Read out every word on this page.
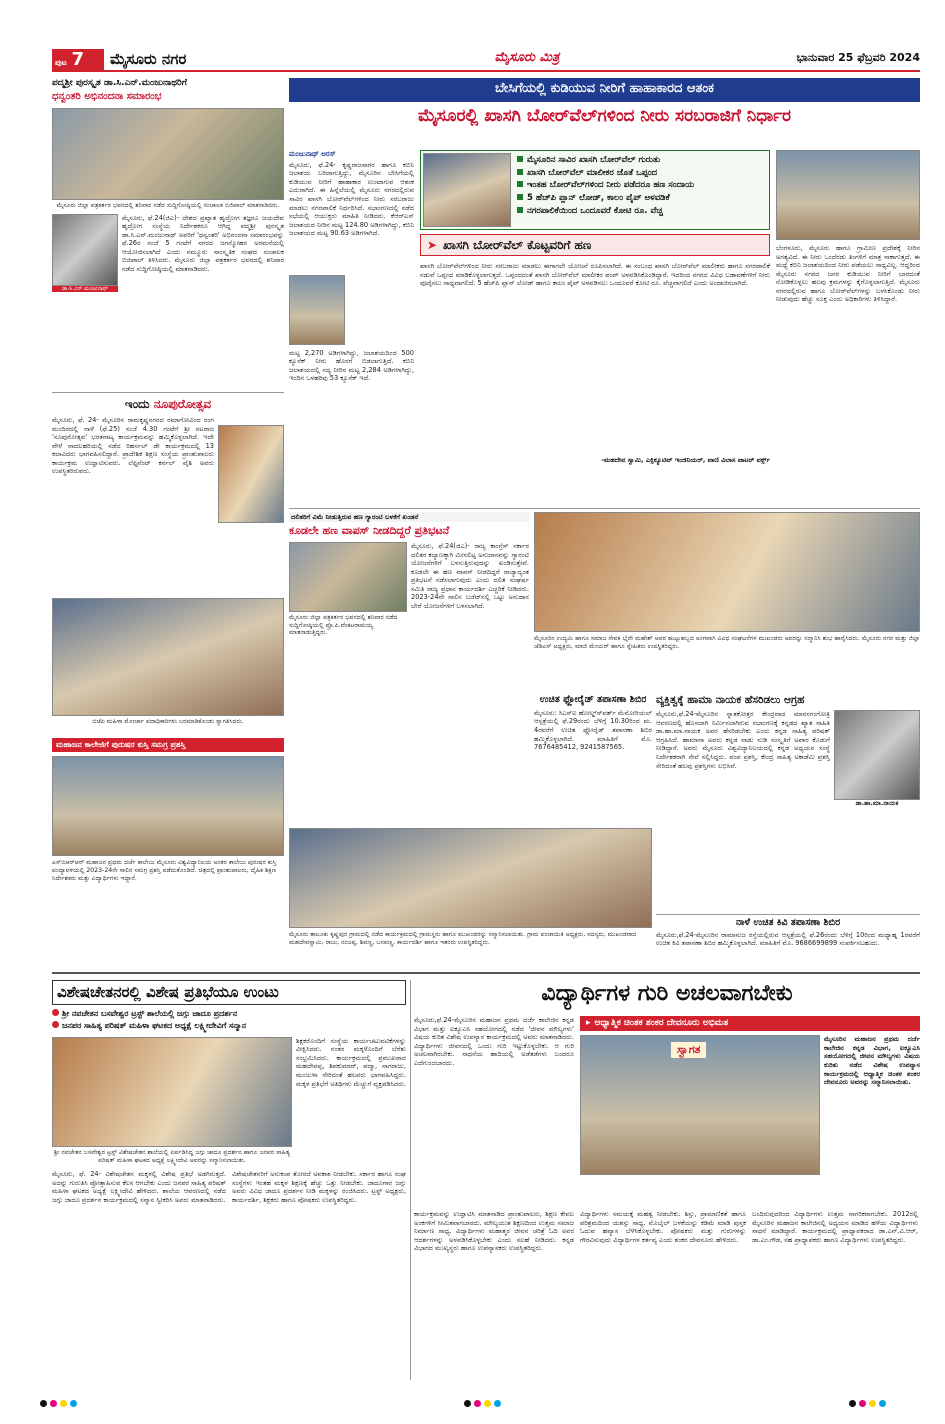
ಪುಟ 7	ಮೈಸೂರು ನಗರ	ಮೈಸೂರು ಮಿತ್ರ	ಭಾನುವಾರ 25 ಫೆಬ್ರವರಿ 2024
ಪದ್ಮಶ್ರೀ ಪುರಸ್ಕೃತ ಡಾ.ಸಿ.ಎನ್.ಮಂಜುನಾಥರಿಗೆ
ಧನ್ವಂತರಿ ಅಭಿನಂದನಾ ಸಮಾರಂಭ
ಮೈಸೂರು ಜಿಲ್ಲಾ ಪತ್ರಕರ್ತರ ಭವನದಲ್ಲಿ ಶನಿವಾರ ನಡೆದ ಸುದ್ದಿಗೋಷ್ಠಿಯಲ್ಲಿ ಸಂಚಾಲಕ ಬಿಜಿಪಾಲ್ ಮಾತನಾಡಿದರು.
ಡಾ.ಸಿ.ಎನ್.ಮಂಜುನಾಥ್
ಮೈಸೂರು, ಫೆ.24(ಜಿಎ)- ದೇಶದ ಪ್ರಖ್ಯಾತ ಹೃದ್ರೋಗ ತಜ್ಞರೂ ಜಯದೇವ ಹೃದ್ರೋಗ ಸಂಸ್ಥೆಯ ನಿರ್ದೇಶಕರೂ ಆಗಿದ್ದ ಪದ್ಮಶ್ರೀ ಪುರಸ್ಕೃತ ಡಾ.ಸಿ.ಎನ್.ಮಂಜುನಾಥ್ ಅವರಿಗೆ 'ಧನ್ವಂತರಿ' ಅಭಿನಂದನಾ ಸಮಾರಂಭವನ್ನು ಫೆ.26ರ ಸಂಜೆ 5 ಗಂಟೆಗೆ ನಗರದ ಜಗನ್ಮೋಹನ ಅರಮನೆಯಲ್ಲಿ ಆಯೋಜಿಸಲಾಗಿದೆ ಎಂದು ನಮ್ಮೂರು ಸಾಂಸ್ಕೃತಿಕ ಸಂಘದ ಸಂಚಾಲಕ ಬಿಜಿಪಾಲ್ ತಿಳಿಸಿದರು. ಮೈಸೂರು ಜಿಲ್ಲಾ ಪತ್ರಕರ್ತರ ಭವನದಲ್ಲಿ ಶನಿವಾರ ನಡೆದ ಸುದ್ದಿಗೋಷ್ಠಿಯಲ್ಲಿ ಮಾತನಾಡಿದರು.
ಇಂದು ನೂಪುರೋತ್ಸವ
ಮೈಸೂರು, ಫೆ. 24- ಮೈಸೂರಿನ ರಾಮಕೃಷ್ಣನಗರದ ರಮಾಗೋವಿಂದ ರಂಗ ಮಂದಿರದಲ್ಲಿ ನಾಳೆ (ಫೆ.25) ಸಂಜೆ 4.30 ಗಂಟೆಗೆ ಶ್ರೀ ನಟರಾಜ 'ನೂಪುರೋತ್ಸವ' ಭರತನಾಟ್ಯ ಕಾರ್ಯಕ್ರಮವನ್ನು ಹಮ್ಮಿಕೊಳ್ಳಲಾಗಿದೆ. ಇದೇ ವೇಳೆ ನಾದಲಹರಿಯಲ್ಲಿ ನಡೆದ ರಿಹರ್ಸಲ್ ಡೇ ಕಾರ್ಯಕ್ರಮದಲ್ಲಿ 13 ಕಲಾವಿದರು ಭಾಗವಹಿಸಲಿದ್ದಾರೆ. ಪ್ರಾದೇಶಿಕ ಶಿಕ್ಷಣ ಸಂಸ್ಥೆಯ ಪ್ರಾಂಶುಪಾಲರು ಕಾರ್ಯಕ್ರಮ ಉದ್ಘಾಟಿಸುವರು. ಲೆಫ್ಟಿನೆಂಟ್ ಕರ್ನಲ್ ವೈಶಿ ಅವರು ಉಪಸ್ಥಿತರಿರುವರು.
ಬಿಜೆಪಿ ಮಹಿಳಾ ಮೋರ್ಚಾ ಪದಾಧಿಕಾರಿಗಳು ಬರಮಾಡಿಕೊಂಡು ಸ್ವಾಗತಿಸಿದರು.
ಮಹಾಜನ ಕಾಲೇಜಿಗೆ ಪುರುಷರ ಕುಸ್ತಿ ಸಮಗ್ರ ಪ್ರಶಸ್ತಿ
ಬೇಸಿಗೆಯಲ್ಲಿ ಕುಡಿಯುವ ನೀರಿಗೆ ಹಾಹಾಕಾರದ ಆತಂಕ
ಮೈಸೂರಲ್ಲಿ ಖಾಸಗಿ ಬೋರ್‌ವೆಲ್‌ಗಳಿಂದ ನೀರು ಸರಬರಾಜಿಗೆ ನಿರ್ಧಾರ
ಮಂಜುನಾಥ್ ಅರಸ್
ಮೈಸೂರು, ಫೆ.24- ಕೃಷ್ಣರಾಜಸಾಗರ ಹಾಗೂ ಕಬಿನಿ ಜಲಾಶಯ ಬರಿದಾಗುತ್ತಿದ್ದು, ಮೈಸೂರಿನ ಬೇಸಿಗೆಯಲ್ಲಿ ಕುಡಿಯುವ ನೀರಿಗೆ ಹಾಹಾಕಾರ ಉಂಟಾಗುವ ಆತಂಕ ಎದುರಾಗಿದೆ. ಈ ಹಿನ್ನೆಲೆಯಲ್ಲಿ ಮೈಸೂರು ನಗರದಲ್ಲಿರುವ ಸಾವಿರ ಖಾಸಗಿ ಬೋರ್‌ವೆಲ್‌ಗಳಿಂದ ನೀರು ಸರಬರಾಜು ಮಾಡಲು ನಗರಪಾಲಿಕೆ ನಿರ್ಧರಿಸಿದೆ. ಸಭಾಂಗಣದಲ್ಲಿ ನಡೆದ ಸಭೆಯಲ್ಲಿ ಆಯುಕ್ತರು ಮಾಹಿತಿ ನೀಡಿದರು. ಕೆಆರ್‌ಎಸ್ ಜಲಾಶಯದ ನೀರಿನ ಮಟ್ಟ 124.80 ಅಡಿಗಳಾಗಿದ್ದು, ಕಬಿನಿ ಜಲಾಶಯದ ಮಟ್ಟ 90.63 ಅಡಿಗಳಾಗಿದೆ.
ಮಟ್ಟ 2,270 ಅಡಿಗಳಾಗಿದ್ದು, ಜಲಾಶಯದಿಂದ 500 ಕ್ಯೂಸೆಕ್ ನೀರು ಹೊರಗೆ ಬಿಡಲಾಗುತ್ತಿದೆ. ಕಬಿನಿ ಜಲಾಶಯದಲ್ಲಿ ಸದ್ಯ ನೀರಿನ ಮಟ್ಟ 2,284 ಅಡಿಗಳಾಗಿದ್ದು, ಇಂದಿನ ಒಳಹರಿವು 53 ಕ್ಯೂಸೆಕ್ ಇದೆ.
ಮೈಸೂರಿನ ಸಾವಿರ ಖಾಸಗಿ ಬೋರ್‌ವೆಲ್ ಗುರುತು
ಖಾಸಗಿ ಬೋರ್‌ವೆಲ್ ಮಾಲೀಕರ ಜೊತೆ ಒಪ್ಪಂದ
ಇಂತಹ ಬೋರ್‌ವೆಲ್‌ಗಳಿಂದ ನೀರು ಪಡೆದರೂ ಹಣ ಸಂದಾಯ
5 ಹೆಚ್‌ಪಿ ಪ್ಲಾನ್ ಲೋಡ್, ಕಾಲಂ ಪೈಪ್ ಅಳವಡಿಕೆ
ನಗರಪಾಲಿಕೆಯಿಂದ ಒಂದೂವರೆ ಕೋಟಿ ರೂ. ವೆಚ್ಚ
➤ ಖಾಸಗಿ ಬೋರ್‌ವೆಲ್ ಕೊಟ್ಟವರಿಗೆ ಹಣ
ಖಾಸಗಿ ಬೋರ್‌ವೆಲ್‌ಗಳಿಂದ ನೀರು ಸರಬರಾಜು ಮಾಡಲು ಈಗಾಗಲೇ ಯೋಜನೆ ರೂಪಿಸಲಾಗಿದೆ. ಈ ಸಂಬಂಧ ಖಾಸಗಿ ಬೋರ್‌ವೆಲ್ ಮಾಲೀಕರು ಹಾಗೂ ನಗರಪಾಲಿಕೆ ನಡುವೆ ಒಪ್ಪಂದ ಮಾಡಿಕೊಳ್ಳಲಾಗುತ್ತದೆ. ಒಪ್ಪಂದದಂತೆ ಖಾಸಗಿ ಬೋರ್‌ವೆಲ್ ಮಾಲೀಕರ ಪಂಪ್ ಅಳವಡಿಸಿಕೊಂಡಿದ್ದಾರೆ. ಇದರಿಂದ ನಗರದ ವಿವಿಧ ಬಡಾವಣೆಗಳಿಗೆ ನೀರು ಪೂರೈಸಲು ಸಾಧ್ಯವಾಗಲಿದೆ. 5 ಹೆಚ್‌ಪಿ ಪ್ಲಾನ್ ಲೋಡ್ ಹಾಗೂ ಕಾಲಂ ಪೈಪ್ ಅಳವಡಿಸಲು ಒಂದೂವರೆ ಕೋಟಿ ರೂ. ವೆಚ್ಚವಾಗಲಿದೆ ಎಂದು ಅಂದಾಜಿಸಲಾಗಿದೆ.
-ಮಹದೇವ ಸ್ವಾಮಿ, ಎಕ್ಸಿಕ್ಯೂಟಿವ್ ಇಂಜಿನಿಯರ್, ವಾಣಿ ವಿಲಾಸ ವಾಟರ್ ವರ್ಕ್ಸ್
ಬೆಂಗಳೂರು, ಮೈಸೂರು ಹಾಗೂ ಗ್ರಾಮೀಣ ಪ್ರದೇಶಕ್ಕೆ ನೀರಿನ ಅಗತ್ಯವಿದೆ. ಈ ನೀರು ಒಂದೆರಡು ತಿಂಗಳಿಗೆ ಮಾತ್ರ ಸಾಕಾಗುತ್ತದೆ. ಈ ಮಧ್ಯೆ ಕಬಿನಿ ಜಲಾಶಯದಿಂದ ನೀರು ಪಡೆಯಲು ಸಾಧ್ಯವಿಲ್ಲ. ಆದ್ದರಿಂದ ಮೈಸೂರು ನಗರದ ಜನರ ಕುಡಿಯುವ ನೀರಿಗೆ ಬಾರದಂತೆ ನೋಡಿಕೊಳ್ಳಲು ಹಲವು ಕ್ರಮಗಳನ್ನು ಕೈಗೊಳ್ಳಲಾಗುತ್ತಿದೆ. ಮೈಸೂರು ನಗರದಲ್ಲಿರುವ ಹಾಗೂ ಬೋರ್‌ವೆಲ್‌ಗಳನ್ನು ಬಳಸಿಕೊಂಡು ನೀರು ನೀಡುವುದು ಹೆಚ್ಚು ಸೂಕ್ತ ಎಂದು ಅಧಿಕಾರಿಗಳು ತಿಳಿಸಿದ್ದಾರೆ.
ದಲಿತರಿಗೆ ವಿಮೆ ನೀಡುತ್ತಿರುವ ಹಣ ಗ್ಯಾರಂಟಿ ಬಳಕೆಗೆ ಖಂಡನೆ
ಕೂಡಲೇ ಹಣ ವಾಪಸ್ ನೀಡದಿದ್ದರೆ ಪ್ರತಿಭಟನೆ
ಮೈಸೂರು ಜಿಲ್ಲಾ ಪತ್ರಕರ್ತರ ಭವನದಲ್ಲಿ ಶನಿವಾರ ನಡೆದ ಸುದ್ದಿಗೋಷ್ಠಿಯಲ್ಲಿ ಪ್ರೊ.ಪಿ.ವೆಂಕಟರಾಮಯ್ಯ ಮಾತನಾಡುತ್ತಿದ್ದರು.
ಮೈಸೂರು, ಫೆ.24(ಜಿಎ)- ರಾಜ್ಯ ಕಾಂಗ್ರೆಸ್ ಸರ್ಕಾರ ದಲಿತರ ಕಲ್ಯಾಣಕ್ಕಾಗಿ ಮೀಸಲಿಟ್ಟ ಅನುದಾನವನ್ನು ಗ್ಯಾರಂಟಿ ಯೋಜನೆಗಳಿಗೆ ಬಳಸುತ್ತಿರುವುದನ್ನು ಖಂಡಿಸುತ್ತೇವೆ. ಕೂಡಲೇ ಈ ಹಣ ವಾಪಸ್ ನೀಡದಿದ್ದರೆ ರಾಜ್ಯಾದ್ಯಂತ ಪ್ರತಿಭಟನೆ ನಡೆಸಲಾಗುವುದು ಎಂದು ದಲಿತ ಸಂಘರ್ಷ ಸಮಿತಿ ರಾಜ್ಯ ಪ್ರಧಾನ ಕಾರ್ಯದರ್ಶಿ ಎಚ್ಚರಿಕೆ ನೀಡಿದರು. 2023-24ನೇ ಸಾಲಿನ ಬಜೆಟ್‌ನಲ್ಲಿ ಒಟ್ಟು ಅನುದಾನ ಬೇರೆ ಯೋಜನೆಗಳಿಗೆ ಬಳಸಲಾಗಿದೆ.
ಮೈಸೂರಿನ ಉದ್ಯಮಿ ಹಾಗೂ ಸಮಾಜ ಸೇವಕ ಭೈರೇ ಮಹೇಶ್ ಅವರ ಹುಟ್ಟುಹಬ್ಬದ ಅಂಗವಾಗಿ ವಿವಿಧ ಸಂಘಟನೆಗಳ ಮುಖಂಡರು ಅವರನ್ನು ಸನ್ಮಾನಿಸಿ ಶುಭ ಹಾರೈಸಿದರು. ಮೈಸೂರು ನಗರ ಮತ್ತು ಜಿಲ್ಲಾ ಜೆಡಿಎಸ್ ಅಧ್ಯಕ್ಷರು, ಮಾಜಿ ಮೇಯರ್ ಹಾಗೂ ಸ್ನೇಹಿತರು ಉಪಸ್ಥಿತರಿದ್ದರು.
ಉಚಿತ ಫ್ಲೋರೈಡ್ ತಪಾಸಣಾ ಶಿಬಿರ
ಮೈಸೂರು: ಸಿಎಸ್‌ಐ ಹೋಲ್ಡ್‌ಸ್‌ವರ್ತ್ ಮೆಮೋರಿಯಲ್ ಆಸ್ಪತ್ರೆಯಲ್ಲಿ ಫೆ.29ರಂದು ಬೆಳಿಗ್ಗೆ 10.30ರಿಂದ ಮ. 4ರವರೆಗೆ ಉಚಿತ ಫ್ಲೋರೈಡ್ ತಪಾಸಣಾ ಶಿಬಿರ ಹಮ್ಮಿಕೊಳ್ಳಲಾಗಿದೆ. ಮಾಹಿತಿಗೆ ಮೊ. 7676485412, 9241587565.
ವ್ಯಕ್ತಿತ್ವಕ್ಕೆ ಹಾಮಾ ನಾಯಕ ಹೆಸರಿಡಲು ಆಗ್ರಹ
ಡಾ.ಹಾ.ಮಾ.ನಾಯಕ
ಮೈಸೂರು,ಫೆ.24-ಮೈಸೂರಿನ ಸ್ನಾತಕೋತ್ತರ ಕೇಂದ್ರವಾದ ಮಾನಸಗಂಗೋತ್ರಿ ಆವರಣದಲ್ಲಿ ಹೊಸದಾಗಿ ನಿರ್ಮಿಸಲಾಗಿರುವ ಸಭಾಂಗಣಕ್ಕೆ ಕನ್ನಡದ ಖ್ಯಾತ ಸಾಹಿತಿ ಡಾ.ಹಾ.ಮಾ.ನಾಯಕ ಅವರ ಹೆಸರಿಡಬೇಕು ಎಂದು ಕನ್ನಡ ಸಾಹಿತ್ಯ ಪರಿಷತ್ ಆಗ್ರಹಿಸಿದೆ. ಹಾಮಾನಾ ಅವರು ಕನ್ನಡ ನಾಡು ನುಡಿ ಸಂಸ್ಕೃತಿಗೆ ಅಪಾರ ಕೊಡುಗೆ ನೀಡಿದ್ದಾರೆ. ಅವರು ಮೈಸೂರು ವಿಶ್ವವಿದ್ಯಾನಿಲಯದಲ್ಲಿ ಕನ್ನಡ ಅಧ್ಯಯನ ಸಂಸ್ಥೆ ನಿರ್ದೇಶಕರಾಗಿ ಸೇವೆ ಸಲ್ಲಿಸಿದ್ದರು. ಪಂಪ ಪ್ರಶಸ್ತಿ, ಕೇಂದ್ರ ಸಾಹಿತ್ಯ ಅಕಾಡೆಮಿ ಪ್ರಶಸ್ತಿ ಸೇರಿದಂತೆ ಹಲವು ಪ್ರಶಸ್ತಿಗಳು ಲಭಿಸಿವೆ.
ನಾಳೆ ಉಚಿತ ಕಿವಿ ತಪಾಸಣಾ ಶಿಬಿರ
ಮೈಸೂರು,ಫೆ.24-ಮೈಸೂರಿನ ರಾಮಾನುಜ ರಸ್ತೆಯಲ್ಲಿರುವ ಆಸ್ಪತ್ರೆಯಲ್ಲಿ ಫೆ.26ರಂದು ಬೆಳಿಗ್ಗೆ 10ರಿಂದ ಮಧ್ಯಾಹ್ನ 1ರವರೆಗೆ ಉಚಿತ ಕಿವಿ ತಪಾಸಣಾ ಶಿಬಿರ ಹಮ್ಮಿಕೊಳ್ಳಲಾಗಿದೆ. ಮಾಹಿತಿಗೆ ಮೊ. 9686699899 ಸಂಪರ್ಕಿಸಬಹುದು.
ಮೈಸೂರು ತಾಲೂಕು ಕೃಷ್ಣಪುರ ಗ್ರಾಮದಲ್ಲಿ ನಡೆದ ಕಾರ್ಯಕ್ರಮದಲ್ಲಿ ಗ್ರಾಮಸ್ಥರು ಹಾಗೂ ಮುಖಂಡರನ್ನು ಸನ್ಮಾನಿಸಲಾಯಿತು. ಗ್ರಾಮ ಪಂಚಾಯಿತಿ ಅಧ್ಯಕ್ಷರು, ಸದಸ್ಯರು, ಮುಖಂಡರಾದ ಮಹದೇವಸ್ವಾಮಿ, ರಾಜು, ನಂಜಪ್ಪ, ಶಿವಣ್ಣ, ಬಸವಣ್ಣ, ಕಾರ್ಯದರ್ಶಿ ಹಾಗೂ ಇತರರು ಉಪಸ್ಥಿತರಿದ್ದರು.
ಎಸ್‌ಬಿಆರ್‌ಆರ್ ಮಹಾಜನ ಪ್ರಥಮ ದರ್ಜೆ ಕಾಲೇಜು ಮೈಸೂರು ವಿಶ್ವವಿದ್ಯಾನಿಲಯ ಅಂತರ ಕಾಲೇಜು ಪುರುಷರ ಕುಸ್ತಿ ಪಂದ್ಯಾವಳಿಯಲ್ಲಿ 2023-24ನೇ ಸಾಲಿನ ಸಮಗ್ರ ಪ್ರಶಸ್ತಿ ಪಡೆದುಕೊಂಡಿದೆ. ಚಿತ್ರದಲ್ಲಿ ಪ್ರಾಂಶುಪಾಲರು, ದೈಹಿಕ ಶಿಕ್ಷಣ ನಿರ್ದೇಶಕರು ಮತ್ತು ವಿದ್ಯಾರ್ಥಿಗಳು ಇದ್ದಾರೆ.
ವಿಶೇಷಚೇತನರಲ್ಲಿ ವಿಶೇಷ ಪ್ರತಿಭೆಯೂ ಉಂಟು
ಶ್ರೀ ನವಚೇತನ ಬಸವೇಶ್ವರ ಟ್ರಸ್ಟ್ ಶಾಲೆಯಲ್ಲಿ ಜಗ್ಗು ಜಾದೂ ಪ್ರದರ್ಶನ
ಜನಪರ ಸಾಹಿತ್ಯ ಪರಿಷತ್ ಮಹಿಳಾ ಘಟಕದ ಅಧ್ಯಕ್ಷೆ ಲಕ್ಷ್ಮೀದೇವಿಗೆ ಸನ್ಮಾನ
ಶಿಕ್ಷಕರೊಂದಿಗೆ ಸಂಸ್ಥೆಯ ಕಾರ್ಯಚಟುವಟಿಕೆಗಳನ್ನು ವೀಕ್ಷಿಸಿದರು. ನಂತರ ಮಕ್ಕಳೊಂದಿಗೆ ಬೆರೆತು ಸಂಭ್ರಮಿಸಿದರು. ಕಾರ್ಯಕ್ರಮದಲ್ಲಿ ಪ್ರಮುಖರಾದ ಮಹದೇವಪ್ಪ, ಶಿವಕುಮಾರ್, ಪದ್ಮಾ, ನಾಗರಾಜು, ಮಂಜುಳಾ ಸೇರಿದಂತೆ ಹಲವರು ಭಾಗವಹಿಸಿದ್ದರು. ಮಕ್ಕಳ ಪ್ರತಿಭೆಗೆ ಅತಿಥಿಗಳು ಮೆಚ್ಚುಗೆ ವ್ಯಕ್ತಪಡಿಸಿದರು.
ಶ್ರೀ ನವಚೇತನ ಬಸವೇಶ್ವರ ಟ್ರಸ್ಟ್ ವಿಶೇಷಚೇತನ ಶಾಲೆಯಲ್ಲಿ ಏರ್ಪಡಿಸಿದ್ದ ಜಗ್ಗು ಜಾದೂ ಪ್ರದರ್ಶನ ಹಾಗೂ ಜನಪರ ಸಾಹಿತ್ಯ ಪರಿಷತ್ ಮಹಿಳಾ ಘಟಕದ ಅಧ್ಯಕ್ಷೆ ಲಕ್ಷ್ಮೀದೇವಿ ಅವರನ್ನು ಸನ್ಮಾನಿಸಲಾಯಿತು.
ಮೈಸೂರು, ಫೆ. 24- ವಿಶೇಷಚೇತನ ಮಕ್ಕಳಲ್ಲಿ ವಿಶೇಷ ಪ್ರತಿಭೆ ಅಡಗಿರುತ್ತದೆ. ಅದನ್ನು ಗುರುತಿಸಿ ಪ್ರೋತ್ಸಾಹಿಸುವ ಕೆಲಸ ಆಗಬೇಕು ಎಂದು ಜನಪರ ಸಾಹಿತ್ಯ ಪರಿಷತ್ ಮಹಿಳಾ ಘಟಕದ ಅಧ್ಯಕ್ಷೆ ಲಕ್ಷ್ಮೀದೇವಿ ಹೇಳಿದರು. ಶಾಲೆಯ ಆವರಣದಲ್ಲಿ ನಡೆದ ಜಗ್ಗು ಜಾದೂ ಪ್ರದರ್ಶನ ಕಾರ್ಯಕ್ರಮದಲ್ಲಿ ಸನ್ಮಾನ ಸ್ವೀಕರಿಸಿ ಅವರು ಮಾತನಾಡಿದರು.
ವಿಶೇಷಚೇತನರಿಗೆ ಅನುಕಂಪ ತೋರದೆ ಅವಕಾಶ ನೀಡಬೇಕು. ಸರ್ಕಾರ ಹಾಗೂ ಸಂಘ ಸಂಸ್ಥೆಗಳು ಇಂತಹ ಮಕ್ಕಳ ಶಿಕ್ಷಣಕ್ಕೆ ಹೆಚ್ಚು ಒತ್ತು ನೀಡಬೇಕು. ಜಾದೂಗಾರ ಜಗ್ಗು ಅವರು ವಿವಿಧ ಜಾದೂ ಪ್ರದರ್ಶನ ನೀಡಿ ಮಕ್ಕಳನ್ನು ರಂಜಿಸಿದರು. ಟ್ರಸ್ಟ್ ಅಧ್ಯಕ್ಷರು, ಕಾರ್ಯದರ್ಶಿ, ಶಿಕ್ಷಕರು ಹಾಗೂ ಪೋಷಕರು ಉಪಸ್ಥಿತರಿದ್ದರು.
ವಿದ್ಯಾರ್ಥಿಗಳ ಗುರಿ ಅಚಲವಾಗಬೇಕು
ಮೈಸೂರು,ಫೆ.24-ಮೈಸೂರಿನ ಮಹಾಜನ ಪ್ರಥಮ ದರ್ಜೆ ಕಾಲೇಜಿನ ಕನ್ನಡ ವಿಭಾಗ ಮತ್ತು ಐಕ್ಯೂಎಸಿ ಸಹಯೋಗದಲ್ಲಿ ನಡೆದ 'ಜೀವನ ಮೌಲ್ಯಗಳು' ವಿಷಯ ಕುರಿತ ವಿಶೇಷ ಉಪನ್ಯಾಸ ಕಾರ್ಯಕ್ರಮದಲ್ಲಿ ಅವರು ಮಾತನಾಡಿದರು. ವಿದ್ಯಾರ್ಥಿಗಳು ಜೀವನದಲ್ಲಿ ಒಂದು ಗುರಿ ಇಟ್ಟುಕೊಳ್ಳಬೇಕು. ಆ ಗುರಿ ಅಚಲವಾಗಿರಬೇಕು. ಸಾಧನೆಯ ಹಾದಿಯಲ್ಲಿ ಅಡೆತಡೆಗಳು ಬಂದರೂ ಎದೆಗುಂದಬಾರದು.
▸ ಆಧ್ಯಾತ್ಮಿಕ ಚಿಂತಕ ಶಂಕರ ದೇವನೂರು ಅಭಿಮತ
ಸ್ವಾಗತ
ಮೈಸೂರಿನ ಮಹಾಜನ ಪ್ರಥಮ ದರ್ಜೆ ಕಾಲೇಜಿನ ಕನ್ನಡ ವಿಭಾಗ, ಐಕ್ಯೂಎಸಿ ಸಹಯೋಗದಲ್ಲಿ ಜೀವನ ಮೌಲ್ಯಗಳು ವಿಷಯ ಕುರಿತು ನಡೆದ ವಿಶೇಷ ಉಪನ್ಯಾಸ ಕಾರ್ಯಕ್ರಮದಲ್ಲಿ ಆಧ್ಯಾತ್ಮಿಕ ಚಿಂತಕ ಶಂಕರ ದೇವನೂರು ಅವರನ್ನು ಸನ್ಮಾನಿಸಲಾಯಿತು.
ಕಾರ್ಯಕ್ರಮವನ್ನು ಉದ್ಘಾಟಿಸಿ ಮಾತನಾಡಿದ ಪ್ರಾಂಶುಪಾಲರು, ಶಿಕ್ಷಣ ಕೇವಲ ಅಂಕಗಳಿಗೆ ಸೀಮಿತವಾಗಬಾರದು. ಮೌಲ್ಯಯುತ ಶಿಕ್ಷಣದಿಂದ ಉತ್ತಮ ಸಮಾಜ ನಿರ್ಮಾಣ ಸಾಧ್ಯ. ವಿದ್ಯಾರ್ಥಿಗಳು ಮಹಾತ್ಮರ ಜೀವನ ಚರಿತ್ರೆ ಓದಿ ಅವರ ಆದರ್ಶಗಳನ್ನು ಅಳವಡಿಸಿಕೊಳ್ಳಬೇಕು ಎಂದು ಸಲಹೆ ನೀಡಿದರು. ಕನ್ನಡ ವಿಭಾಗದ ಮುಖ್ಯಸ್ಥರು ಹಾಗೂ ಉಪನ್ಯಾಸಕರು ಉಪಸ್ಥಿತರಿದ್ದರು.
ವಿದ್ಯಾರ್ಥಿಗಳು ಸಮಯಕ್ಕೆ ಮಹತ್ವ ನೀಡಬೇಕು. ಶಿಸ್ತು, ಪ್ರಾಮಾಣಿಕತೆ ಹಾಗೂ ಪರಿಶ್ರಮದಿಂದ ಯಶಸ್ಸು ಸಾಧ್ಯ. ಮೊಬೈಲ್ ಬಳಕೆಯನ್ನು ಕಡಿಮೆ ಮಾಡಿ ಪುಸ್ತಕ ಓದುವ ಹವ್ಯಾಸ ಬೆಳೆಸಿಕೊಳ್ಳಬೇಕು. ಪೋಷಕರು ಮತ್ತು ಗುರುಗಳನ್ನು ಗೌರವಿಸುವುದು ವಿದ್ಯಾರ್ಥಿಗಳ ಕರ್ತವ್ಯ ಎಂದು ಶಂಕರ ದೇವನೂರು ಹೇಳಿದರು.
ಬಂದಿರುವುದರಿಂದ ವಿದ್ಯಾರ್ಥಿಗಳು ಉತ್ತಮ ನಾಗರಿಕರಾಗಬೇಕು. 2012ರಲ್ಲಿ ಮೈಸೂರಿನ ಮಹಾಜನ ಕಾಲೇಜಿನಲ್ಲಿ ಅಧ್ಯಯನ ಮಾಡಿದ ಹಳೆಯ ವಿದ್ಯಾರ್ಥಿಗಳು ಸಾಧನೆ ಮಾಡಿದ್ದಾರೆ. ಕಾರ್ಯಕ್ರಮದಲ್ಲಿ ಪ್ರಾಧ್ಯಾಪಕರಾದ ಡಾ.ಎನ್.ವಿ.ಆರ್, ಡಾ.ಎಂ.ಗೌಡ, ಸಹ ಪ್ರಾಧ್ಯಾಪಕರು ಹಾಗೂ ವಿದ್ಯಾರ್ಥಿಗಳು ಉಪಸ್ಥಿತರಿದ್ದರು.
